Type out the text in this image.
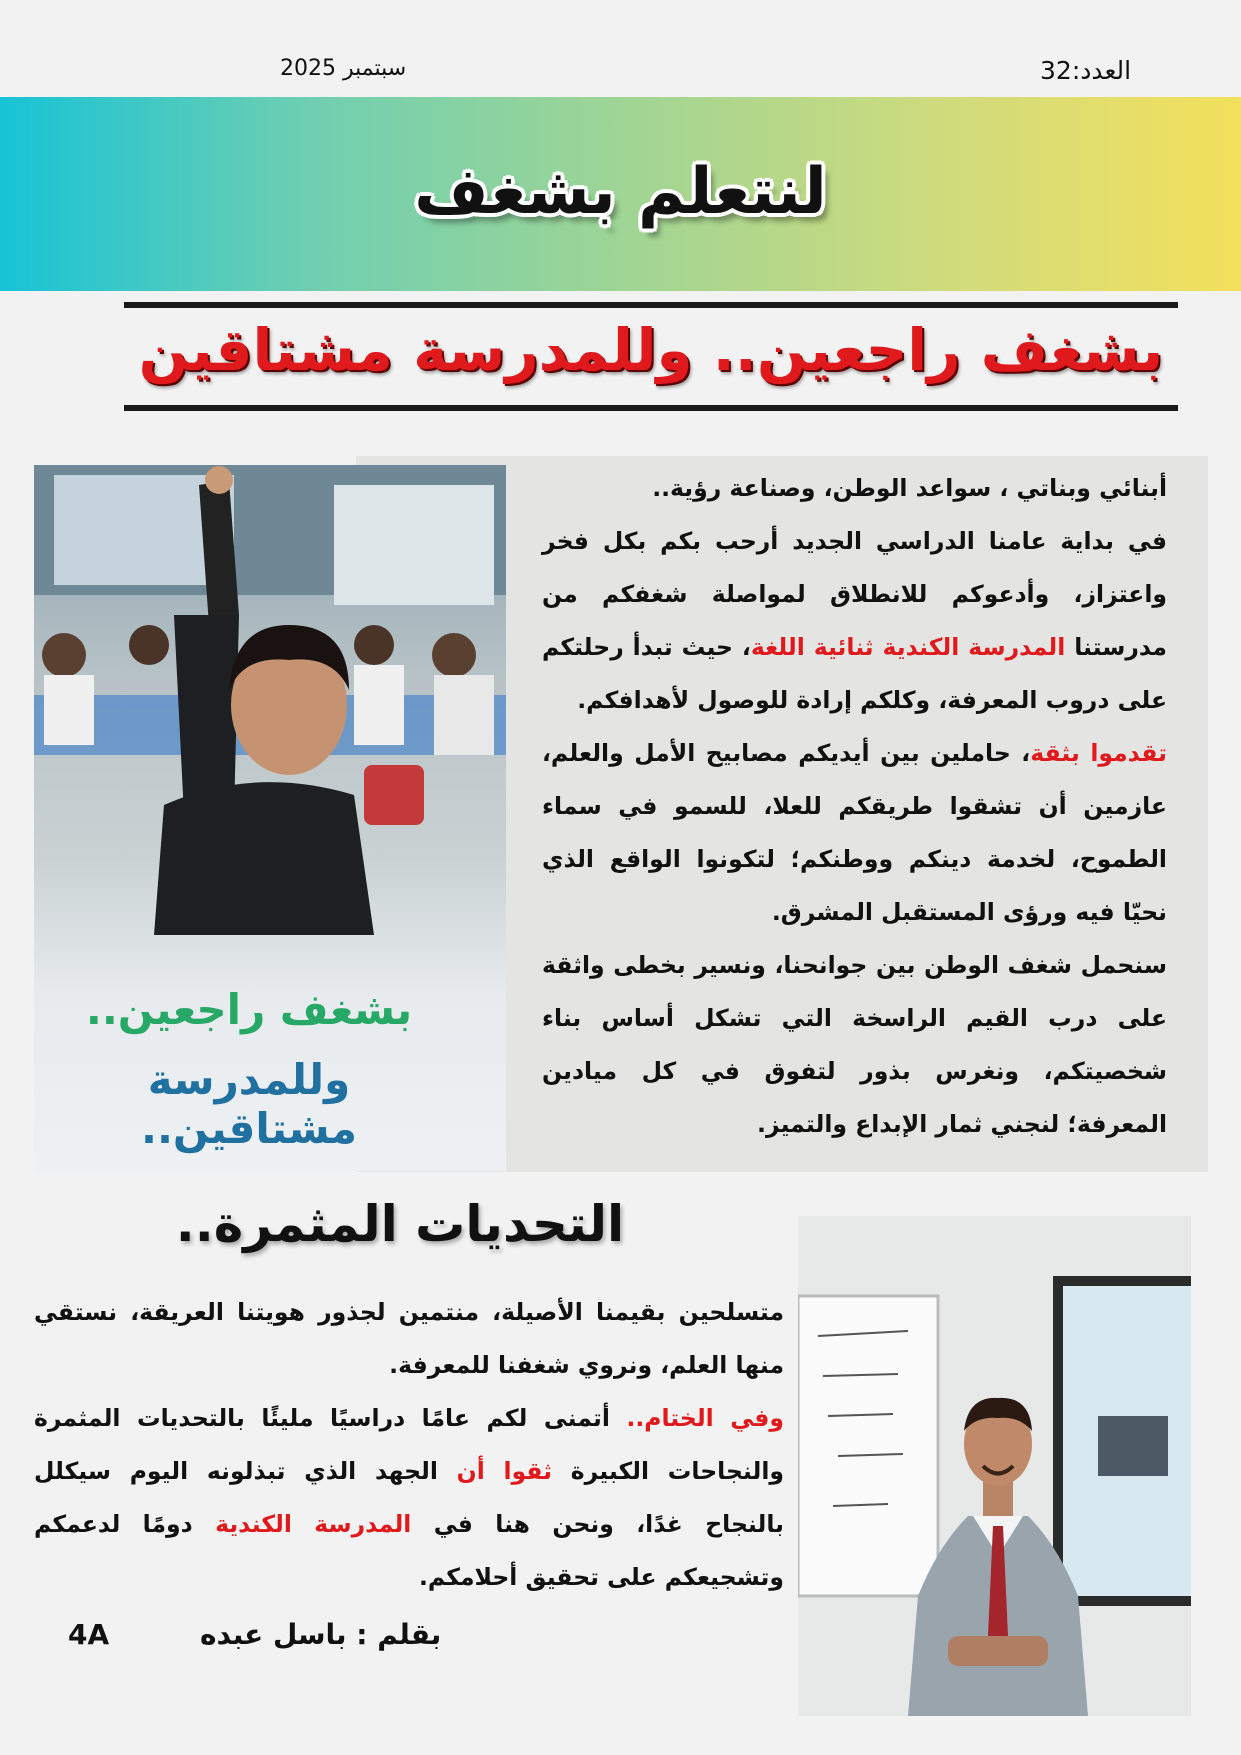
العدد:32
سبتمبر 2025
لنتعلم بشغف
بشغف راجعين.. وللمدرسة مشتاقين

أبنائي وبناتي ، سواعد الوطن، وصناعة رؤية..

في بداية عامنا الدراسي الجديد أرحب بكم بكل فخر واعتزاز، وأدعوكم للانطلاق لمواصلة شغفكم من مدرستنا المدرسة الكندية ثنائية اللغة، حيث تبدأ رحلتكم على دروب المعرفة، وكلكم إرادة للوصول لأهدافكم.

تقدموا بثقة، حاملين بين أيديكم مصابيح الأمل والعلم، عازمين أن تشقوا طريقكم للعلا، للسمو في سماء الطموح، لخدمة دينكم ووطنكم؛ لتكونوا الواقع الذي نحيّا فيه ورؤى المستقبل المشرق.

سنحمل شغف الوطن بين جوانحنا، ونسير بخطى واثقة على درب القيم الراسخة التي تشكل أساس بناء شخصيتكم، ونغرس بذور لتفوق في كل ميادين المعرفة؛ لنجني ثمار الإبداع والتميز.

بشغف راجعين..
وللمدرسة مشتاقين..
التحديات المثمرة..

متسلحين بقيمنا الأصيلة، منتمين لجذور هويتنا العريقة، نستقي منها العلم، ونروي شغفنا للمعرفة.

وفي الختام.. أتمنى لكم عامًا دراسيًا مليئًا بالتحديات المثمرة والنجاحات الكبيرة ثقوا أن الجهد الذي تبذلونه اليوم سيكلل بالنجاح غدًا، ونحن هنا في المدرسة الكندية دومًا لدعمكم وتشجيعكم على تحقيق أحلامكم.

بقلم : باسل عبده
4A
